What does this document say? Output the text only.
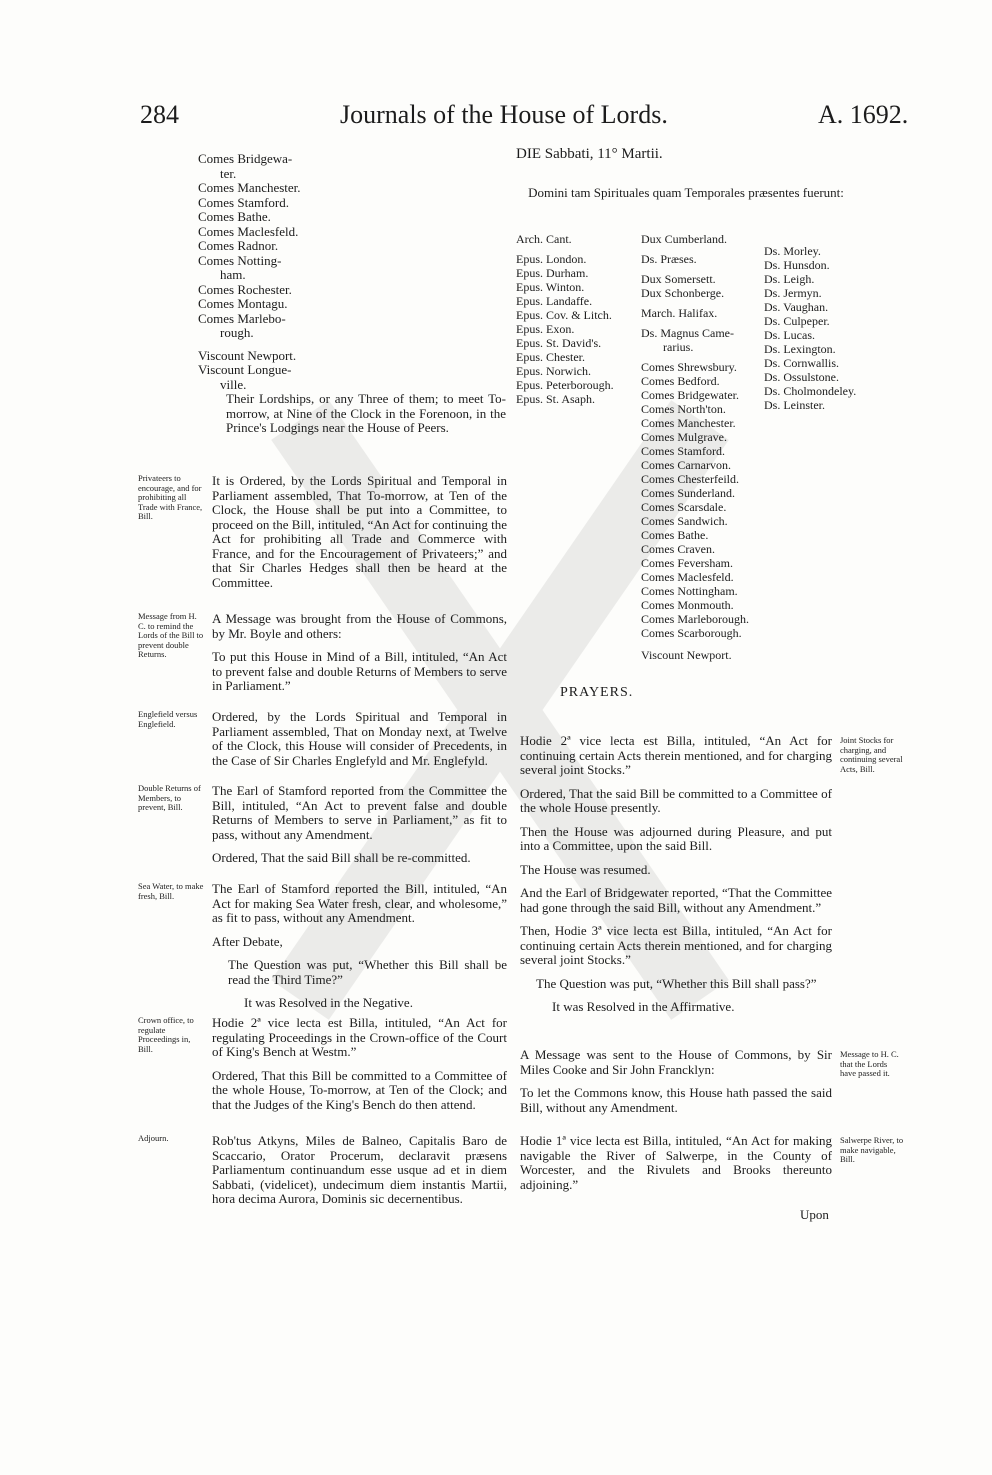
284	Journals of the House of Lords.	A. 1692.
Comes Bridgewa-
ter.
Comes Manchester.
Comes Stamford.
Comes Bathe.
Comes Maclesfeld.
Comes Radnor.
Comes Notting-
ham.
Comes Rochester.
Comes Montagu.
Comes Marlebo-
rough.
Viscount Newport.
Viscount Longue-
ville.

Their Lordships, or any Three of them; to meet To-morrow, at Nine of the Clock in the Forenoon, in the Prince's Lodgings near the House of Peers.

Privateers to encourage, and for prohibiting all Trade with France, Bill.

It is Ordered, by the Lords Spiritual and Temporal in Parliament assembled, That To-morrow, at Ten of the Clock, the House shall be put into a Committee, to proceed on the Bill, intituled, “An Act for continuing the Act for prohibiting all Trade and Commerce with France, and for the Encouragement of Privateers;” and that Sir Charles Hedges shall then be heard at the Committee.

Message from H. C. to remind the Lords of the Bill to prevent double Returns.

A Message was brought from the House of Commons, by Mr. Boyle and others:

To put this House in Mind of a Bill, intituled, “An Act to prevent false and double Returns of Members to serve in Parliament.”

Englefield versus Englefield.	Ordered, by the Lords Spiritual and Temporal in Parliament assembled, That on Monday next, at Twelve of the Clock, this House will consider of Precedents, in the Case of Sir Charles Englefyld and Mr. Englefyld.

Double Returns of Members, to prevent, Bill.

The Earl of Stamford reported from the Committee the Bill, intituled, “An Act to prevent false and double Returns of Members to serve in Parliament,” as fit to pass, without any Amendment.

Ordered, That the said Bill shall be re-committed.

Sea Water, to make fresh, Bill.	The Earl of Stamford reported the Bill, intituled, “An Act for making Sea Water fresh, clear, and wholesome,” as fit to pass, without any Amendment.

After Debate,

The Question was put, “Whether this Bill shall be read the Third Time?”

It was Resolved in the Negative.

Crown office, to regulate Proceedings in, Bill.

Hodie 2ª vice lecta est Billa, intituled, “An Act for regulating Proceedings in the Crown-office of the Court of King's Bench at Westm.”

Ordered, That this Bill be committed to a Committee of the whole House, To-morrow, at Ten of the Clock; and that the Judges of the King's Bench do then attend.

Adjourn.	Rob'tus Atkyns, Miles de Balneo, Capitalis Baro de Scaccario, Orator Procerum, declaravit præsens Parliamentum continuandum esse usque ad et in diem Sabbati, (videlicet), undecimum diem instantis Martii, hora decima Aurora, Dominis sic decernentibus.

DIE Sabbati, 11° Martii.
Domini tam Spirituales quam Temporales præsentes fuerunt:
Arch. Cant.
Epus. London.
Epus. Durham.
Epus. Winton.
Epus. Landaffe.
Epus. Cov. & Litch.
Epus. Exon.
Epus. St. David's.
Epus. Chester.
Epus. Norwich.
Epus. Peterborough.
Epus. St. Asaph.
Dux Cumberland.
Ds. Præses.
Dux Somersett.
Dux Schonberge.
March. Halifax.
Ds. Magnus Came-
rarius.
Comes Shrewsbury.
Comes Bedford.
Comes Bridgewater.
Comes North'ton.
Comes Manchester.
Comes Mulgrave.
Comes Stamford.
Comes Carnarvon.
Comes Chesterfeild.
Comes Sunderland.
Comes Scarsdale.
Comes Sandwich.
Comes Bathe.
Comes Craven.
Comes Feversham.
Comes Maclesfeld.
Comes Nottingham.
Comes Monmouth.
Comes Marleborough.
Comes Scarborough.
Viscount Newport.
Ds. Morley.
Ds. Hunsdon.
Ds. Leigh.
Ds. Jermyn.
Ds. Vaughan.
Ds. Culpeper.
Ds. Lucas.
Ds. Lexington.
Ds. Cornwallis.
Ds. Ossulstone.
Ds. Cholmondeley.
Ds. Leinster.
PRAYERS.

Hodie 2ª vice lecta est Billa, intituled, “An Act for continuing certain Acts therein mentioned, and for charging several joint Stocks.”

Ordered, That the said Bill be committed to a Committee of the whole House presently.

Then the House was adjourned during Pleasure, and put into a Committee, upon the said Bill.

The House was resumed.

And the Earl of Bridgewater reported, “That the Committee had gone through the said Bill, without any Amendment.”

Then, Hodie 3ª vice lecta est Billa, intituled, “An Act for continuing certain Acts therein mentioned, and for charging several joint Stocks.”

The Question was put, “Whether this Bill shall pass?”

It was Resolved in the Affirmative.

Joint Stocks for charging, and continuing several Acts, Bill.

A Message was sent to the House of Commons, by Sir Miles Cooke and Sir John Francklyn:

To let the Commons know, this House hath passed the said Bill, without any Amendment.

Message to H. C. that the Lords have passed it.

Hodie 1ª vice lecta est Billa, intituled, “An Act for making navigable the River of Salwerpe, in the County of Worcester, and the Rivulets and Brooks thereunto adjoining.”

Salwerpe River, to make navigable, Bill.
Upon
